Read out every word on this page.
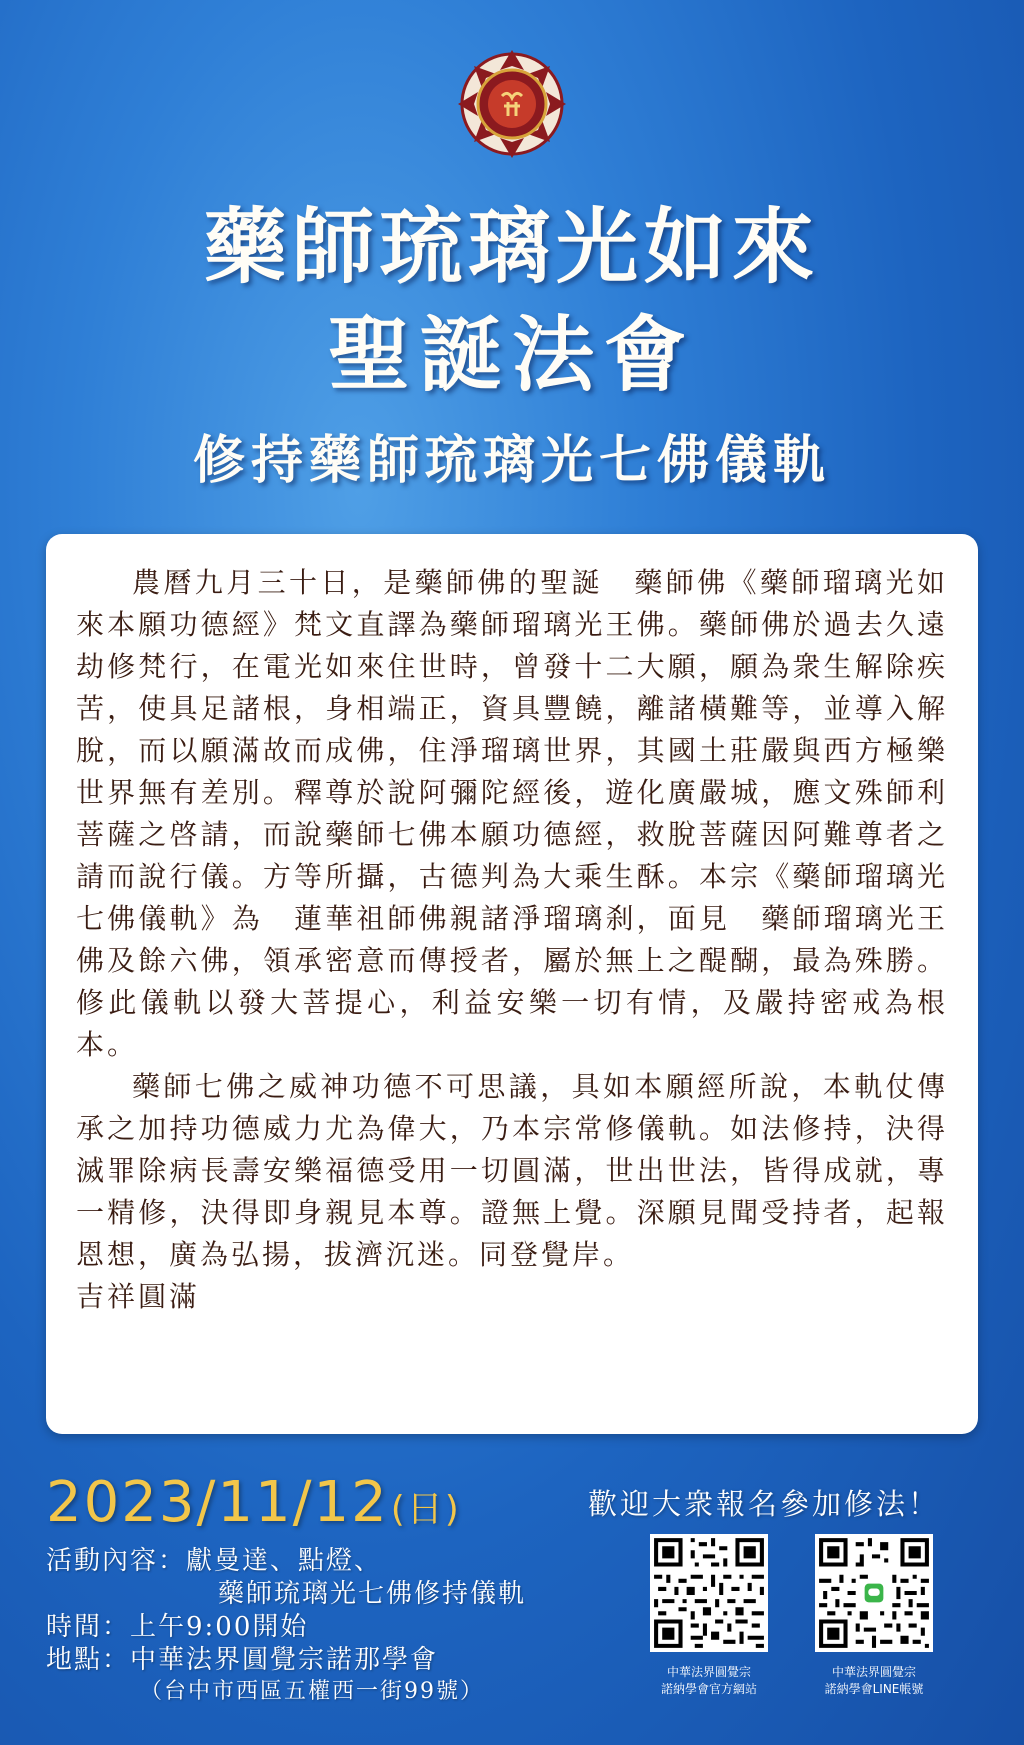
藥師琉璃光如來
聖誕法會
修持藥師琉璃光七佛儀軌

農曆九月三十日，是藥師佛的聖誕　藥師佛《藥師瑠璃光如來本願功德經》梵文直譯為藥師瑠璃光王佛。藥師佛於過去久遠劫修梵行，在電光如來住世時，曾發十二大願，願為衆生解除疾苦，使具足諸根，身相端正，資具豐饒，離諸橫難等，並導入解脫，而以願滿故而成佛，住淨瑠璃世界，其國土莊嚴與西方極樂世界無有差別。釋尊於說阿彌陀經後，遊化廣嚴城，應文殊師利菩薩之啓請，而說藥師七佛本願功德經，救脫菩薩因阿難尊者之請而說行儀。方等所攝，古德判為大乘生酥。本宗《藥師瑠璃光七佛儀軌》為　蓮華祖師佛親諸淨瑠璃刹，面見　藥師瑠璃光王佛及餘六佛，領承密意而傳授者，屬於無上之醍醐，最為殊勝。修此儀軌以發大菩提心，利益安樂一切有情，及嚴持密戒為根本。

藥師七佛之威神功德不可思議，具如本願經所說，本軌仗傳承之加持功德威力尤為偉大，乃本宗常修儀軌。如法修持，決得滅罪除病長壽安樂福德受用一切圓滿，世出世法，皆得成就，專一精修，決得即身親見本尊。證無上覺。深願見聞受持者，起報恩想，廣為弘揚，拔濟沉迷。同登覺岸。

吉祥圓滿

2023/11/12(日)	歡迎大衆報名參加修法！
活動內容：獻曼達、點燈、
藥師琉璃光七佛修持儀軌
時間：上午9:00開始
地點：中華法界圓覺宗諾那學會
（台中市西區五權西一街99號）
中華法界圓覺宗
諾納學會官方網站
中華法界圓覺宗
諾納學會LINE帳號
